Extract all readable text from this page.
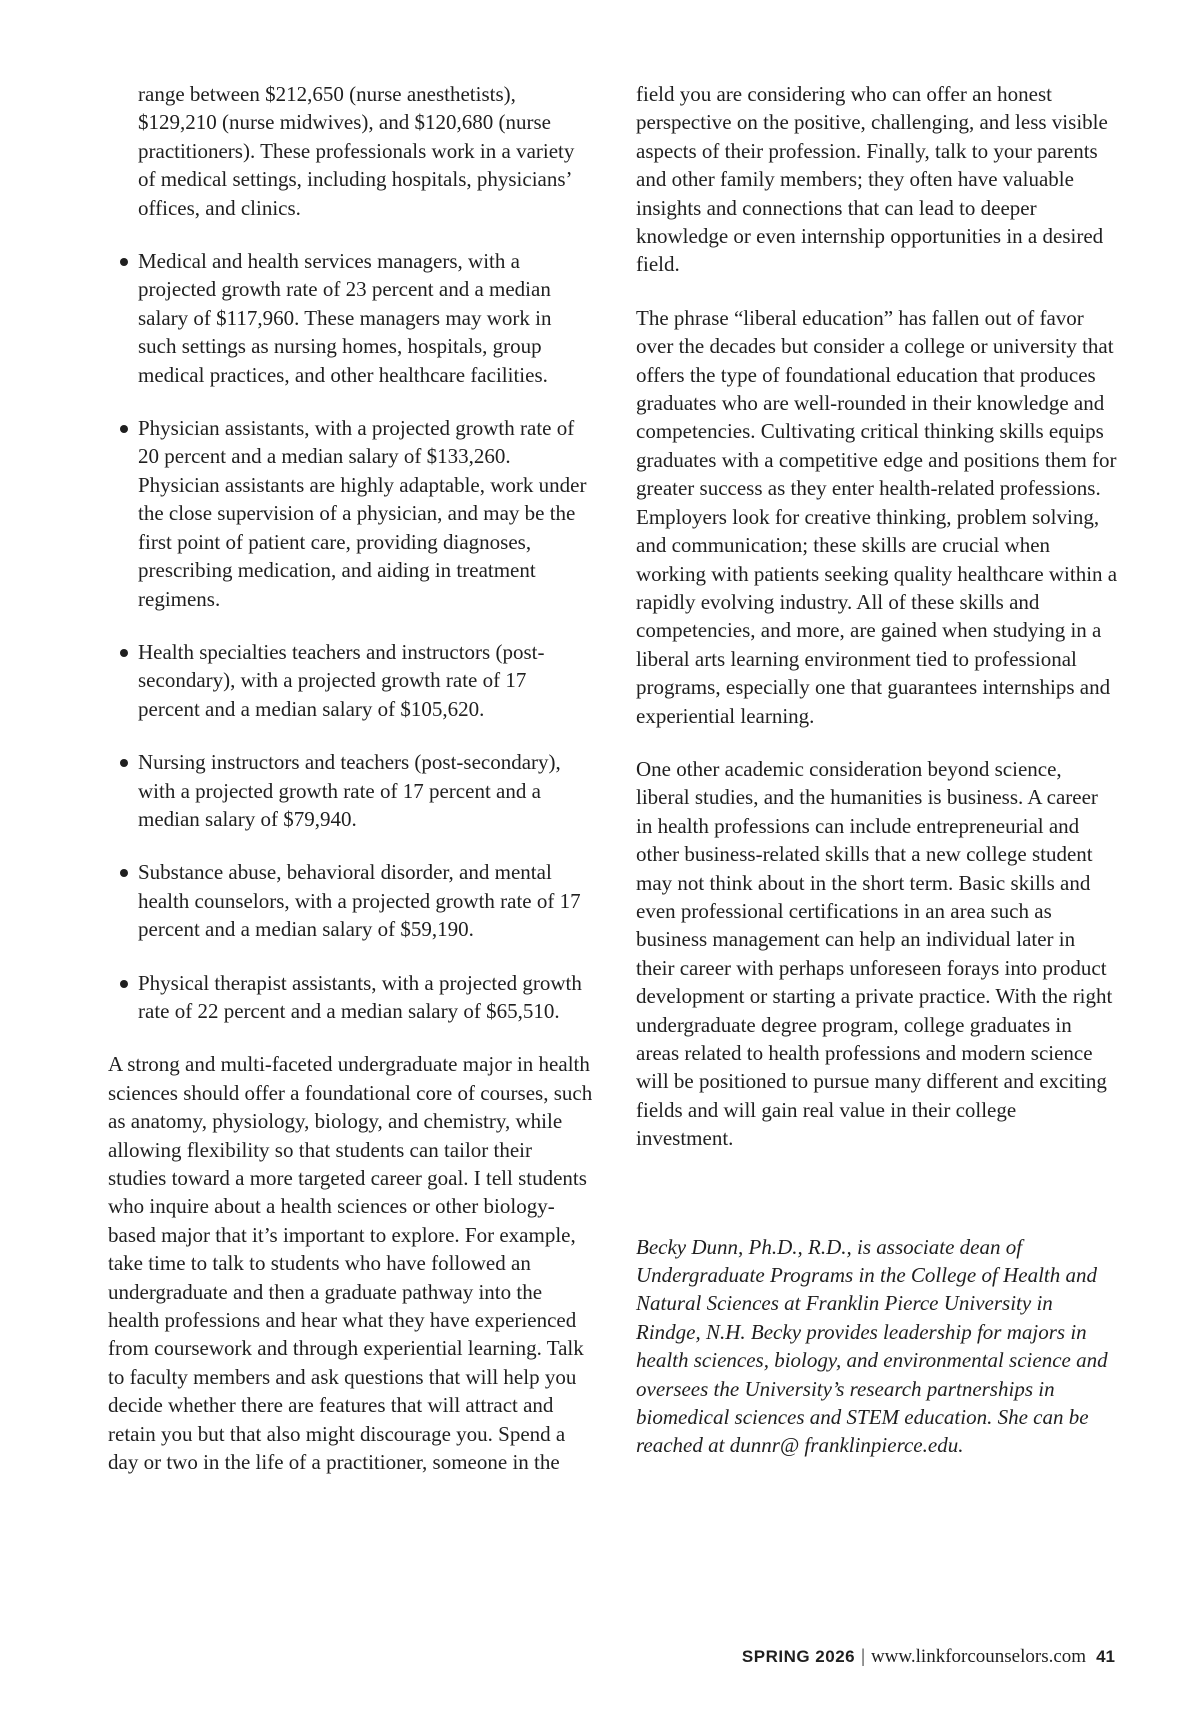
range between $212,650 (nurse anesthetists), $129,210 (nurse midwives), and $120,680 (nurse practitioners). These professionals work in a variety of medical settings, including hospitals, physicians’ offices, and clinics.

Medical and health services managers, with a projected growth rate of 23 percent and a median salary of $117,960. These managers may work in such settings as nursing homes, hospitals, group medical practices, and other healthcare facilities.
Physician assistants, with a projected growth rate of 20 percent and a median salary of $133,260. Physician assistants are highly adaptable, work under the close supervision of a physician, and may be the first point of patient care, providing diagnoses, prescribing medication, and aiding in treatment regimens.
Health specialties teachers and instructors (post-secondary), with a projected growth rate of 17 percent and a median salary of $105,620.
Nursing instructors and teachers (post-secondary), with a projected growth rate of 17 percent and a median salary of $79,940.
Substance abuse, behavioral disorder, and mental health counselors, with a projected growth rate of 17 percent and a median salary of $59,190.
Physical therapist assistants, with a projected growth rate of 22 percent and a median salary of $65,510.

A strong and multi-faceted undergraduate major in health sciences should offer a foundational core of courses, such as anatomy, physiology, biology, and chemistry, while allowing flexibility so that students can tailor their studies toward a more targeted career goal. I tell students who inquire about a health sciences or other biology-based major that it’s important to explore. For example, take time to talk to students who have followed an undergraduate and then a graduate pathway into the health professions and hear what they have experienced from coursework and through experiential learning. Talk to faculty members and ask questions that will help you decide whether there are features that will attract and retain you but that also might discourage you. Spend a day or two in the life of a practitioner, someone in the

field you are considering who can offer an honest perspective on the positive, challenging, and less visible aspects of their profession. Finally, talk to your parents and other family members; they often have valuable insights and connections that can lead to deeper knowledge or even internship opportunities in a desired field.

The phrase “liberal education” has fallen out of favor over the decades but consider a college or university that offers the type of foundational education that produces graduates who are well-rounded in their knowledge and competencies. Cultivating critical thinking skills equips graduates with a competitive edge and positions them for greater success as they enter health-related professions. Employers look for creative thinking, problem solving, and communication; these skills are crucial when working with patients seeking quality healthcare within a rapidly evolving industry. All of these skills and competencies, and more, are gained when studying in a liberal arts learning environment tied to professional programs, especially one that guarantees internships and experiential learning.

One other academic consideration beyond science, liberal studies, and the humanities is business. A career in health professions can include entrepreneurial and other business-related skills that a new college student may not think about in the short term. Basic skills and even professional certifications in an area such as business management can help an individual later in their career with perhaps unforeseen forays into product development or starting a private practice. With the right undergraduate degree program, college graduates in areas related to health professions and modern science will be positioned to pursue many different and exciting fields and will gain real value in their college investment.

Becky Dunn, Ph.D., R.D., is associate dean of Undergraduate Programs in the College of Health and Natural Sciences at Franklin Pierce University in Rindge, N.H. Becky provides leadership for majors in health sciences, biology, and environmental science and oversees the University’s research partnerships in biomedical sciences and STEM education. She can be reached at dunnr@ franklinpierce.edu.

SPRING 2026 | www.linkforcounselors.com 41
